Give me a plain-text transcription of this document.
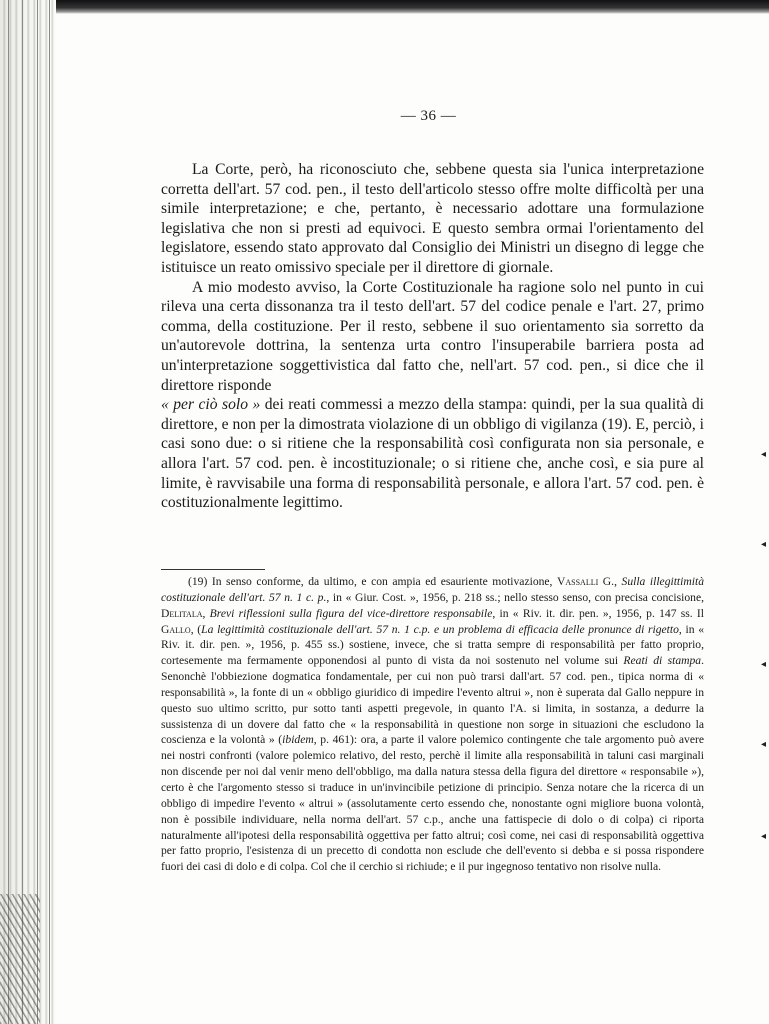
◂
◂
◂
◂
◂
— 36 —

La Corte, però, ha riconosciuto che, sebbene questa sia l'unica interpretazione corretta dell'art. 57 cod. pen., il testo dell'articolo stesso offre molte difficoltà per una simile interpretazione; e che, pertanto, è necessario adottare una formulazione legislativa che non si presti ad equivoci. E questo sembra ormai l'orientamento del legislatore, essendo stato approvato dal Consiglio dei Ministri un disegno di legge che istituisce un reato omissivo speciale per il direttore di giornale.

A mio modesto avviso, la Corte Costituzionale ha ragione solo nel punto in cui rileva una certa dissonanza tra il testo dell'art. 57 del codice penale e l'art. 27, primo comma, della costituzione. Per il resto, sebbene il suo orientamento sia sorretto da un'autorevole dottrina, la sentenza urta contro l'insuperabile barriera posta ad un'interpretazione soggettivistica dal fatto che, nell'art. 57 cod. pen., si dice che il direttore risponde
« per ciò solo » dei reati commessi a mezzo della stampa: quindi, per la sua qualità di direttore, e non per la dimostrata violazione di un obbligo di vigilanza (19). E, perciò, i casi sono due: o si ritiene che la responsabilità così configurata non sia personale, e allora l'art. 57 cod. pen. è incostituzionale; o si ritiene che, anche così, e sia pure al limite, è ravvisabile una forma di responsabilità personale, e allora l'art. 57 cod. pen. è costituzionalmente legittimo.

(19) In senso conforme, da ultimo, e con ampia ed esauriente motivazione, Vassalli G., Sulla illegittimità costituzionale dell'art. 57 n. 1 c. p., in « Giur. Cost. », 1956, p. 218 ss.; nello stesso senso, con precisa concisione, Delitala, Brevi riflessioni sulla figura del vice-direttore responsabile, in « Riv. it. dir. pen. », 1956, p. 147 ss. Il Gallo, (La legittimità costituzionale dell'art. 57 n. 1 c.p. e un problema di efficacia delle pronunce di rigetto, in « Riv. it. dir. pen. », 1956, p. 455 ss.) sostiene, invece, che si tratta sempre di responsabilità per fatto proprio, cortesemente ma fermamente opponendosi al punto di vista da noi sostenuto nel volume sui Reati di stampa. Senonchè l'obbiezione dogmatica fondamentale, per cui non può trarsi dall'art. 57 cod. pen., tipica norma di « responsabilità », la fonte di un « obbligo giuridico di impedire l'evento altrui », non è superata dal Gallo neppure in questo suo ultimo scritto, pur sotto tanti aspetti pregevole, in quanto l'A. si limita, in sostanza, a dedurre la sussistenza di un dovere dal fatto che « la responsabilità in questione non sorge in situazioni che escludono la coscienza e la volontà » (ibidem, p. 461): ora, a parte il valore polemico contingente che tale argomento può avere nei nostri confronti (valore polemico relativo, del resto, perchè il limite alla responsabilità in taluni casi marginali non discende per noi dal venir meno dell'obbligo, ma dalla natura stessa della figura del direttore « responsabile »), certo è che l'argomento stesso si traduce in un'invincibile petizione di principio. Senza notare che la ricerca di un obbligo di impedire l'evento « altrui » (assolutamente certo essendo che, nonostante ogni migliore buona volontà, non è possibile individuare, nella norma dell'art. 57 c.p., anche una fattispecie di dolo o di colpa) ci riporta naturalmente all'ipotesi della responsabilità oggettiva per fatto altrui; così come, nei casi di responsabilità oggettiva per fatto proprio, l'esistenza di un precetto di condotta non esclude che dell'evento si debba e si possa rispondere fuori dei casi di dolo e di colpa. Col che il cerchio si richiude; e il pur ingegnoso tentativo non risolve nulla.
